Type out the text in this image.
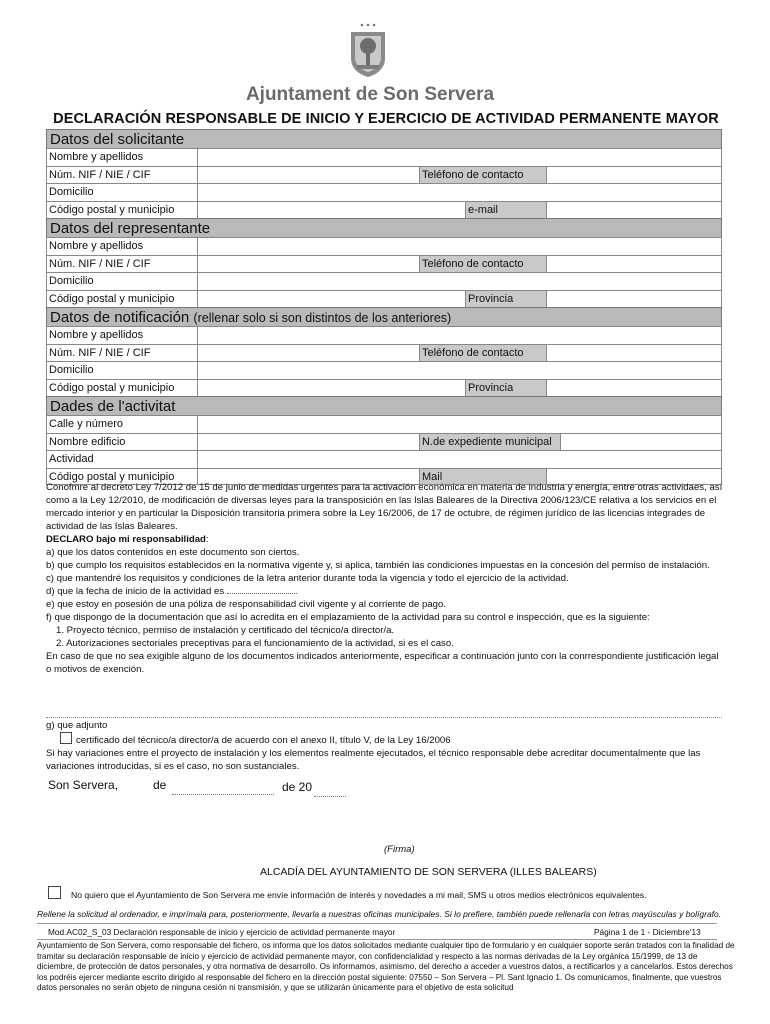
Ajuntament de Son Servera
DECLARACIÓN RESPONSABLE DE INICIO Y EJERCICIO DE ACTIVIDAD PERMANENTE MAYOR
Datos del solicitante
Nombre y apellidos
Núm. NIF / NIE / CIF	Teléfono de contacto
Domicilio
Código postal y municipio	e-mail
Datos del representante
Nombre y apellidos
Núm. NIF / NIE / CIF	Teléfono de contacto
Domicilio
Código postal y municipio	Provincia
Datos de notificación (rellenar solo si son distintos de los anteriores)
Nombre y apellidos
Núm. NIF / NIE / CIF	Teléfono de contacto
Domicilio
Código postal y municipio	Provincia
Dades de l'activitat
Calle y número
Nombre edificio	N.de expediente municipal
Actividad
Código postal y municipio	Mail

Conofmre al decreto Ley 7/2012 de 15 de junio de medidas urgentes para la activación económica en materia de industria y energía, entre otras actividaes, así como a la Ley 12/2010, de modificación de diversas leyes para la transposición en las Islas Baleares de la Directiva 2006/123/CE relativa a los servicios en el mercado interior y en particular la Disposición transitoria primera sobre la Ley 16/2006, de 17 de octubre, de régimen jurídico de las licencias integrades de actividad de las Islas Baleares.

DECLARO bajo mi responsabilidad:

a) que los datos contenidos en este documento son ciertos.

b) que cumplo los requisitos establecidos en la normativa vigente y, si aplica, también las condiciones impuestas en la concesión del permiso de instalación.

c) que mantendré los requisitos y condiciones de la letra anterior durante toda la vigencia y todo el ejercicio de la actividad.

d) que la fecha de inicio de la actividad es

e) que estoy en posesión de una póliza de responsabilidad civil vigente y al corriente de pago.

f) que dispongo de la documentación que así lo acredita en el emplazamiento de la actividad para su control e inspección, que es la siguiente:

1. Proyecto técnico, permiso de instalación y certificado del técnico/a director/a.

2. Autorizaciones sectoriales preceptivas para el funcionamiento de la actividad, si es el caso.

En caso de que no sea exigible alguno de los documentos indicados anteriormente, especificar a continuación junto con la conrrespondiente justificación legal o motivos de exención.

g) que adjunto

certificado del técnico/a director/a de acuerdo con el anexo II, título V, de la Ley 16/2006

Si hay variaciones entre el proyecto de instalación y los elementos realmente ejecutados, el técnico responsable debe acreditar documentalmente que las variaciones introducidas, si es el caso, no son sustanciales.

Son Servera,	de	de 20
(Firma)
ALCADÍA DEL AYUNTAMIENTO DE SON SERVERA (ILLES BALEARS)
No quiero que el Ayuntamiento de Son Servera me envíe información de interés y novedades a mi mail, SMS u otros medios electrónicos equivalentes.
Rellene la solicitud al ordenador, e imprímala para, posteriormente, llevarla a nuestras oficinas municipales. Si lo prefiere, también puede rellenarla con letras mayúsculas y bolígrafo.
Mod.AC02_S_03 Declaración responsable de inicio y ejercicio de actividad permanente mayor	Página 1 de 1 - Diciembre'13
Ayuntamiento de Son Servera, como responsable del fichero, os informa que los datos solicitados mediante cualquier tipo de formulario y en cualquier soporte serán tratados con la finalidad de tramitar su declaración responsable de inicio y ejercicio de actividad permanente mayor, con confidencialidad y respecto a las normas derivadas de la Ley orgánica 15/1999, de 13 de diciembre, de protección de datos personales, y otra normativa de desarrollo. Os informamos, asimismo, del derecho a acceder a vuestros datos, a rectificarlos y a cancelarlos. Estos derechos los podréis ejercer mediante escrito dirigido al responsable del fichero en la dirección postal siguiente: 07550 – Son Servera – Pl. Sant Ignacio 1. Os comunicamos, finalmente, que vuestros datos personales no serán objeto de ninguna cesión ni transmisión, y que se utilizarán únicamente para el objetivo de esta solicitud
